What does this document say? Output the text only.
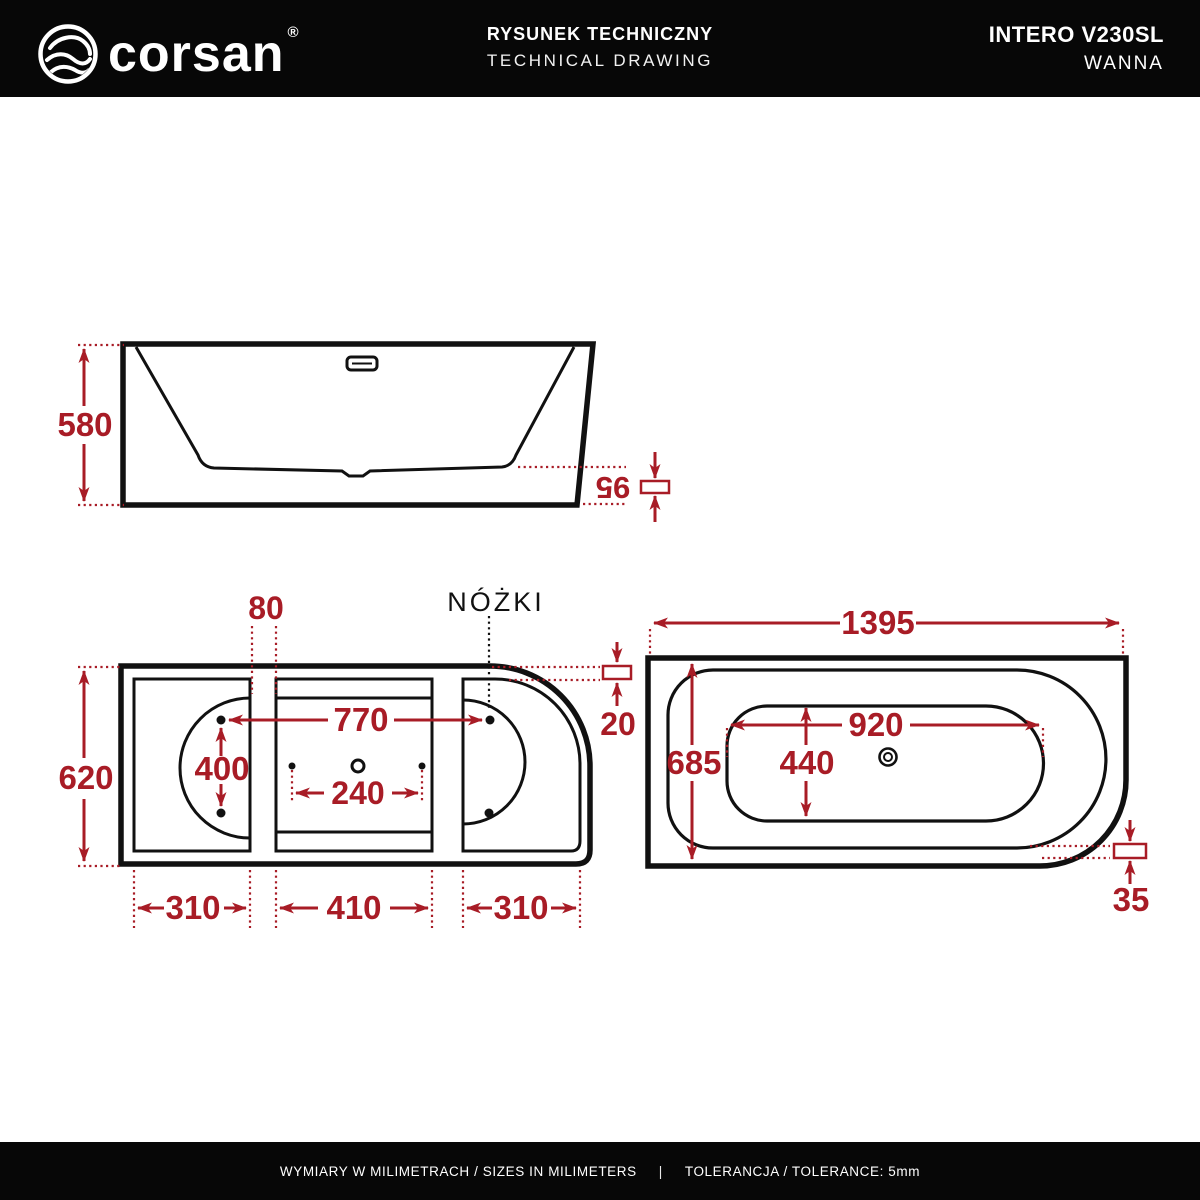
580
95
NÓŻKI
80
770
400
240
620
20
310	410	310
1395
685
920
440
35
corsan ®	RYSUNEK TECHNICZNY
TECHNICAL DRAWING
INTERO V230SL
WANNA
WYMIARY W MILIMETRACH / SIZES IN MILIMETERS | TOLERANCJA / TOLERANCE: 5mm
